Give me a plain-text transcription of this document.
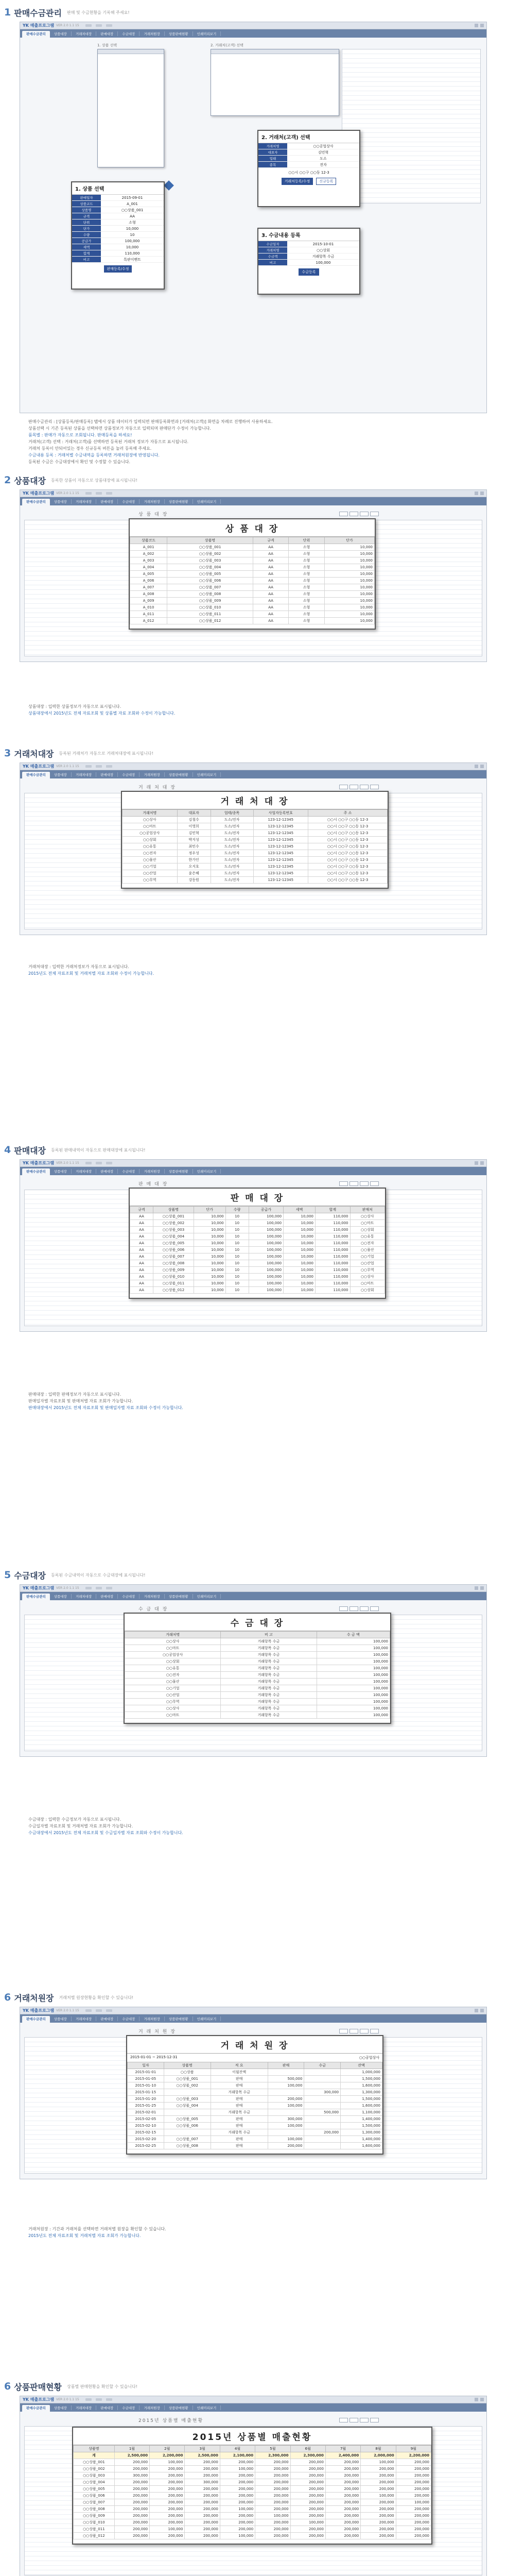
1 판매수금관리 판매 및 수금현황을 기록해 주세요!
YK 매출프로그램 VER 2.0 1.1 15
판매수금관리	상품대장	거래처대장	판매대장	수금대장	거래처원장	상품판매현황	인쇄미리보기
1. 상품 선택	2. 거래처(고객) 선택
1. 상품 선택
판매일자	2015-09-01
상품코드	A_001
상품명	○○상품_001
규격	AA
단위	소형
단가	10,000
수량	10
공급가	100,000
세액	10,000
합계	110,000
비고	특판이벤트
판매등록/수정
2. 거래처(고객) 선택
거래처명	○○공업상사
대표자	김민혁
업태	도소
종목	전자
○○시 ○○구 ○○동 12-3
거래처등록/수정	신규등록
3. 수금내용 등록
수금일자	2015-10-01
거래처명	○○상회
수금액	거래항목 수금
비고	100,000
수금등록
판매수금관리 : [상품등록/판매등록] 탭에서 상품 데이터가 입력되면 판매등록화면과 [거래처(고객)] 화면을 차례로 진행하여 사용하세요.
상품선택 시 기존 등록된 상품을 선택하면 상품정보가 자동으로 입력되며 판매단가 수정이 가능합니다.
품목별 : 판매가 자동으로 조회됩니다. 판매등록을 하세요!
거래처(고객) 선택 : 거래처(고객)를 선택하면 등록된 거래처 정보가 자동으로 표시됩니다.
거래처 등록이 안되어있는 경우 신규등록 버튼을 눌러 등록해 주세요.
수금내용 등록 : 거래처별 수금내역을 등록하면 거래처원장에 반영됩니다.
등록된 수금은 수금대장에서 확인 및 수정할 수 있습니다.
2 상품대장 등록한 상품이 자동으로 상품대장에 표시됩니다!
YK 매출프로그램 VER 2.0 1.1 15
판매수금관리	상품대장	거래처대장	판매대장	수금대장	거래처원장	상품판매현황	인쇄미리보기
상 품 대 장
상 품 대 장
상품코드	상품명	규격	단위	단가
A_001	○○상품_001	AA	소형	10,000
A_002	○○상품_002	AA	소형	10,000
A_003	○○상품_003	AA	소형	10,000
A_004	○○상품_004	AA	소형	10,000
A_005	○○상품_005	AA	소형	10,000
A_006	○○상품_006	AA	소형	10,000
A_007	○○상품_007	AA	소형	10,000
A_008	○○상품_008	AA	소형	10,000
A_009	○○상품_009	AA	소형	10,000
A_010	○○상품_010	AA	소형	10,000
A_011	○○상품_011	AA	소형	10,000
A_012	○○상품_012	AA	소형	10,000
상품대장 : 입력한 상품정보가 자동으로 표시됩니다.
상품대장에서 2015년도 전체 자료조회 및 상품별 자료 조회와 수정이 가능합니다.
3 거래처대장 등록된 거래처가 자동으로 거래처대장에 표시됩니다!
YK 매출프로그램 VER 2.0 1.1 15
판매수금관리	상품대장	거래처대장	판매대장	수금대장	거래처원장	상품판매현황	인쇄미리보기
거 래 처 대 장
거 래 처 대 장
거래처명	대표자	업태/종목	사업자등록번호	주 소
○○상사	김철수	도소/전자	123-12-12345	○○시 ○○구 ○○동 12-3
○○마트	이영희	도소/전자	123-12-12345	○○시 ○○구 ○○동 12-3
○○공업상사	김민혁	도소/전자	123-12-12345	○○시 ○○구 ○○동 12-3
○○상회	박지성	도소/전자	123-12-12345	○○시 ○○구 ○○동 12-3
○○유통	최민수	도소/전자	123-12-12345	○○시 ○○구 ○○동 12-3
○○전자	정우성	도소/전자	123-12-12345	○○시 ○○구 ○○동 12-3
○○물산	한가인	도소/전자	123-12-12345	○○시 ○○구 ○○동 12-3
○○기업	오지호	도소/전자	123-12-12345	○○시 ○○구 ○○동 12-3
○○산업	윤은혜	도소/전자	123-12-12345	○○시 ○○구 ○○동 12-3
○○무역	강동원	도소/전자	123-12-12345	○○시 ○○구 ○○동 12-3
거래처대장 : 입력한 거래처정보가 자동으로 표시됩니다.
2015년도 전체 자료조회 및 거래처별 자료 조회와 수정이 가능합니다.
4 판매대장 등록된 판매내역이 자동으로 판매대장에 표시됩니다!
YK 매출프로그램 VER 2.0 1.1 15
판매수금관리	상품대장	거래처대장	판매대장	수금대장	거래처원장	상품판매현황	인쇄미리보기
판 매 대 장
판 매 대 장
규격	상품명	단가	수량	공급가	세액	합계	판매처
AA	○○상품_001	10,000	10	100,000	10,000	110,000	○○상사
AA	○○상품_002	10,000	10	100,000	10,000	110,000	○○마트
AA	○○상품_003	10,000	10	100,000	10,000	110,000	○○상회
AA	○○상품_004	10,000	10	100,000	10,000	110,000	○○유통
AA	○○상품_005	10,000	10	100,000	10,000	110,000	○○전자
AA	○○상품_006	10,000	10	100,000	10,000	110,000	○○물산
AA	○○상품_007	10,000	10	100,000	10,000	110,000	○○기업
AA	○○상품_008	10,000	10	100,000	10,000	110,000	○○산업
AA	○○상품_009	10,000	10	100,000	10,000	110,000	○○무역
AA	○○상품_010	10,000	10	100,000	10,000	110,000	○○상사
AA	○○상품_011	10,000	10	100,000	10,000	110,000	○○마트
AA	○○상품_012	10,000	10	100,000	10,000	110,000	○○상회
판매대장 : 입력한 판매정보가 자동으로 표시됩니다.
판매일자별 자료조회 및 판매처별 자료 조회가 가능합니다.
판매대장에서 2015년도 전체 자료조회 및 판매일자별 자료 조회와 수정이 가능합니다.
5 수금대장 등록된 수금내역이 자동으로 수금대장에 표시됩니다!
YK 매출프로그램 VER 2.0 1.1 15
판매수금관리	상품대장	거래처대장	판매대장	수금대장	거래처원장	상품판매현황	인쇄미리보기
수 금 대 장
수 금 대 장
거래처명	비 고	수 금 액
○○상사	거래항목 수금	100,000
○○마트	거래항목 수금	100,000
○○공업상사	거래항목 수금	100,000
○○상회	거래항목 수금	100,000
○○유통	거래항목 수금	100,000
○○전자	거래항목 수금	100,000
○○물산	거래항목 수금	100,000
○○기업	거래항목 수금	100,000
○○산업	거래항목 수금	100,000
○○무역	거래항목 수금	100,000
○○상사	거래항목 수금	100,000
○○마트	거래항목 수금	100,000
수금대장 : 입력한 수금정보가 자동으로 표시됩니다.
수금일자별 자료조회 및 거래처별 자료 조회가 가능합니다.
수금대장에서 2015년도 전체 자료조회 및 수금일자별 자료 조회와 수정이 가능합니다.
6 거래처원장 거래처별 원장현황을 확인할 수 있습니다!
YK 매출프로그램 VER 2.0 1.1 15
판매수금관리	상품대장	거래처대장	판매대장	수금대장	거래처원장	상품판매현황	인쇄미리보기
거 래 처 원 장
거 래 처 원 장
2015-01-01 ~ 2015-12-31	○○공업상사
일자	상품명	적 요	판매	수금	잔액
2015-01-01	○○상품	이월잔액			1,000,000
2015-01-05	○○상품_001	판매	500,000		1,500,000
2015-01-10	○○상품_002	판매	100,000		1,600,000
2015-01-15		거래항목 수금		300,000	1,300,000
2015-01-20	○○상품_003	판매	200,000		1,500,000
2015-01-25	○○상품_004	판매	100,000		1,600,000
2015-02-01		거래항목 수금		500,000	1,100,000
2015-02-05	○○상품_005	판매	300,000		1,400,000
2015-02-10	○○상품_006	판매	100,000		1,500,000
2015-02-15		거래항목 수금		200,000	1,300,000
2015-02-20	○○상품_007	판매	100,000		1,400,000
2015-02-25	○○상품_008	판매	200,000		1,600,000
거래처원장 : 기간과 거래처를 선택하면 거래처별 원장을 확인할 수 있습니다.
2015년도 전체 자료조회 및 거래처별 자료 조회가 가능합니다.
6 상품판매현황 상품별 판매현황을 확인할 수 있습니다!
YK 매출프로그램 VER 2.0 1.1 15
판매수금관리	상품대장	거래처대장	판매대장	수금대장	거래처원장	상품판매현황	인쇄미리보기
2015년 상품별 매출현황
2015년 상품별 매출현황
상품명	1월	2월	3월	4월	5월	6월	7월	8월	9월
계	2,500,000	2,200,000	2,500,000	2,100,000	2,300,000	2,300,000	2,400,000	2,000,000	2,200,000
○○상품_001	200,000	100,000	200,000	200,000	200,000	200,000	200,000	100,000	200,000
○○상품_002	200,000	200,000	200,000	100,000	200,000	200,000	200,000	200,000	200,000
○○상품_003	300,000	200,000	200,000	200,000	200,000	200,000	200,000	200,000	200,000
○○상품_004	200,000	200,000	300,000	200,000	200,000	200,000	200,000	200,000	200,000
○○상품_005	200,000	200,000	200,000	200,000	200,000	200,000	200,000	200,000	200,000
○○상품_006	200,000	200,000	200,000	200,000	200,000	200,000	200,000	100,000	200,000
○○상품_007	200,000	200,000	200,000	200,000	200,000	200,000	200,000	200,000	100,000
○○상품_008	200,000	200,000	200,000	100,000	200,000	200,000	200,000	200,000	200,000
○○상품_009	200,000	200,000	200,000	200,000	100,000	200,000	200,000	200,000	200,000
○○상품_010	200,000	200,000	200,000	200,000	200,000	100,000	200,000	200,000	200,000
○○상품_011	200,000	100,000	200,000	200,000	200,000	200,000	200,000	200,000	200,000
○○상품_012	200,000	200,000	200,000	100,000	200,000	200,000	200,000	200,000	200,000
